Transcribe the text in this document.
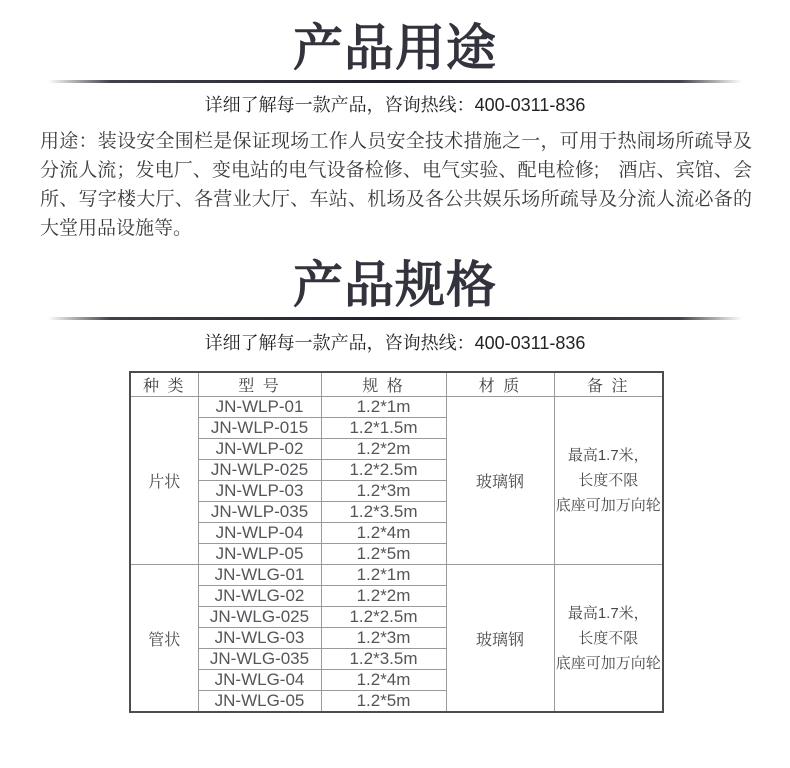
产品用途

详细了解每一款产品，咨询热线：400-0311-836

用途：装设安全围栏是保证现场工作人员安全技术措施之一，可用于热闹场所疏导及分流人流；发电厂、变电站的电气设备检修、电气实验、配电检修;　酒店、宾馆、会所、写字楼大厅、各营业大厅、车站、机场及各公共娱乐场所疏导及分流人流必备的大堂用品设施等。

产品规格

详细了解每一款产品，咨询热线：400-0311-836

种 类	型 号	规 格	材 质	备 注
片状	JN-WLP-01	1.2*1m	玻璃钢	最高1.7米，
长度不限
底座可加万向轮

	JN-WLP-015	1.2*1.5m		
	JN-WLP-02	1.2*2m		
	JN-WLP-025	1.2*2.5m		
	JN-WLP-03	1.2*3m		
	JN-WLP-035	1.2*3.5m		
	JN-WLP-04	1.2*4m		
	JN-WLP-05	1.2*5m		
管状	JN-WLG-01	1.2*1m	玻璃钢	最高1.7米，
长度不限
底座可加万向轮

	JN-WLG-02	1.2*2m		
	JN-WLG-025	1.2*2.5m		
	JN-WLG-03	1.2*3m		
	JN-WLG-035	1.2*3.5m		
	JN-WLG-04	1.2*4m		
	JN-WLG-05	1.2*5m		
